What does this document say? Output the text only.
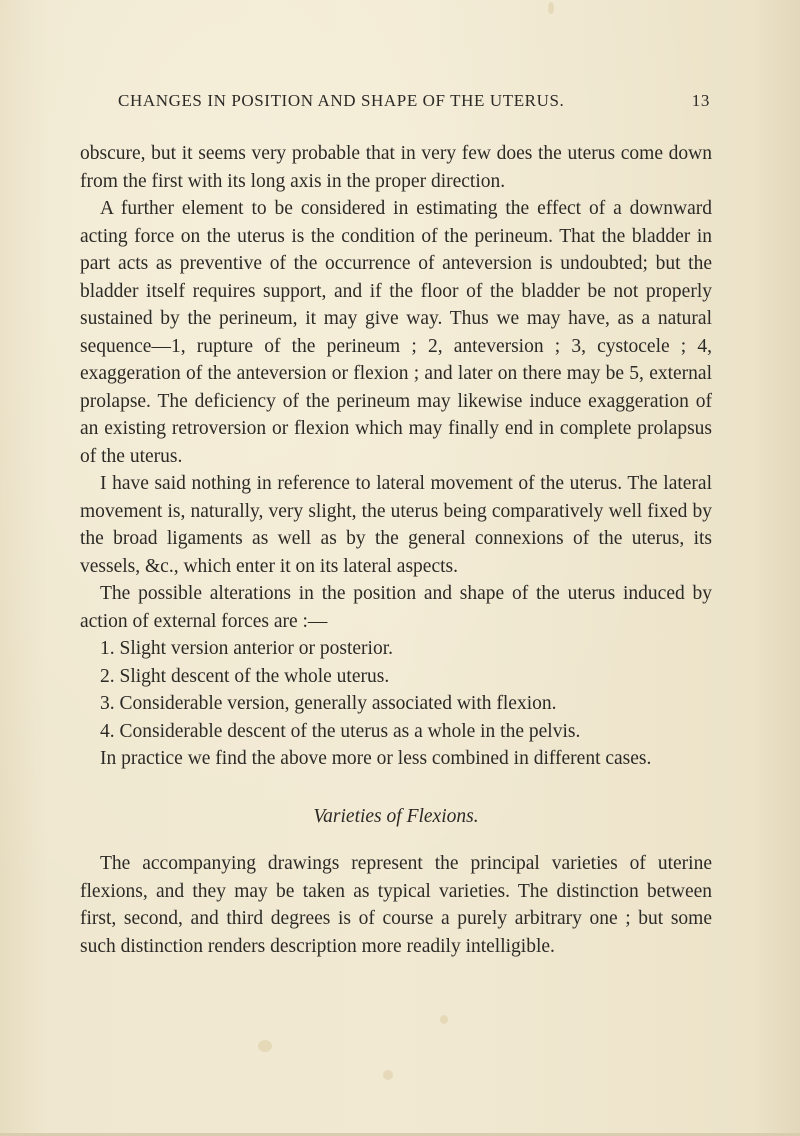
CHANGES IN POSITION AND SHAPE OF THE UTERUS.	13

obscure, but it seems very probable that in very few does the uterus come down from the first with its long axis in the proper direction.

A further element to be considered in estimating the effect of a downward acting force on the uterus is the condition of the perineum. That the bladder in part acts as preventive of the occurrence of anteversion is undoubted; but the bladder itself requires support, and if the floor of the bladder be not properly sustained by the perineum, it may give way. Thus we may have, as a natural sequence—1, rupture of the perineum ; 2, anteversion ; 3, cystocele ; 4, exaggeration of the anteversion or flexion ; and later on there may be 5, external prolapse. The deficiency of the perineum may likewise induce exaggeration of an existing retroversion or flexion which may finally end in complete prolapsus of the uterus.

I have said nothing in reference to lateral movement of the uterus. The lateral movement is, naturally, very slight, the uterus being comparatively well fixed by the broad ligaments as well as by the general connexions of the uterus, its vessels, &c., which enter it on its lateral aspects.

The possible alterations in the position and shape of the uterus induced by action of external forces are :—

1. Slight version anterior or posterior.
2. Slight descent of the whole uterus.
3. Considerable version, generally associated with flexion.
4. Considerable descent of the uterus as a whole in the pelvis.

In practice we find the above more or less combined in different cases.

Varieties of Flexions.

The accompanying drawings represent the principal varieties of uterine flexions, and they may be taken as typical varieties. The distinction between first, second, and third degrees is of course a purely arbitrary one ; but some such distinction renders description more readily intelligible.
